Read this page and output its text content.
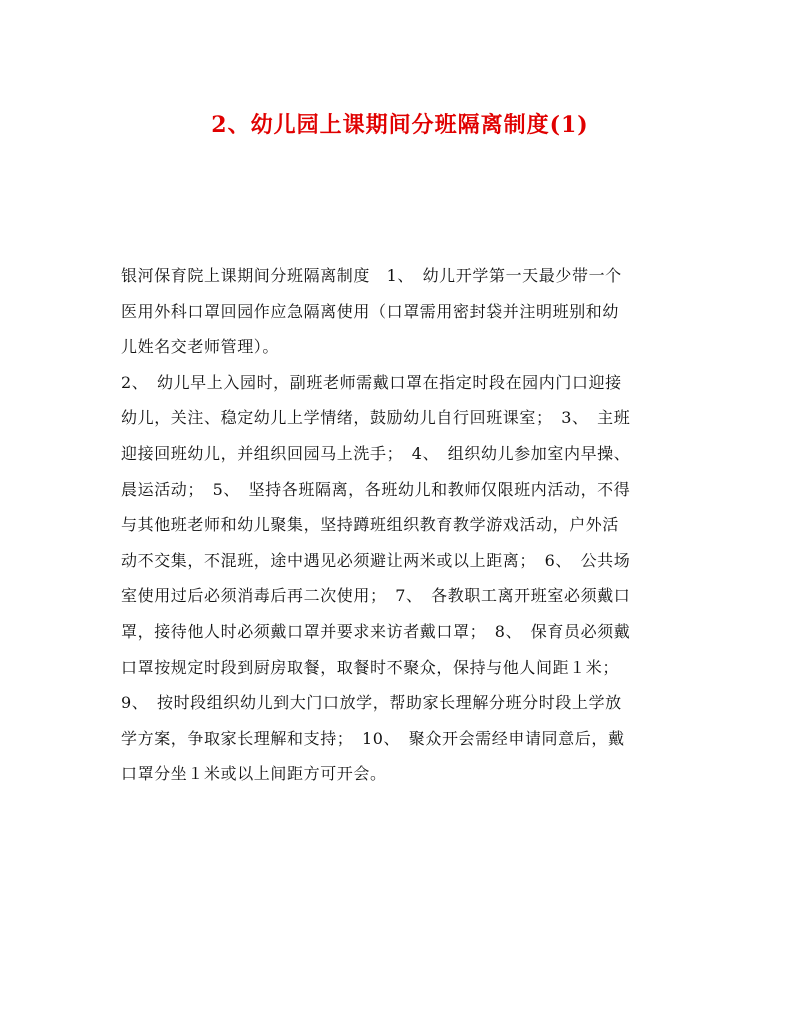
2、幼儿园上课期间分班隔离制度(1)
银河保育院上课期间分班隔离制度　1、　幼儿开学第一天最少带一个
医用外科口罩回园作应急隔离使用（口罩需用密封袋并注明班别和幼
儿姓名交老师管理）。
2、　幼儿早上入园时，副班老师需戴口罩在指定时段在园内门口迎接
幼儿，关注、稳定幼儿上学情绪，鼓励幼儿自行回班课室；　3、　主班
迎接回班幼儿，并组织回园马上洗手；　4、　组织幼儿参加室内早操、
晨运活动；　5、　坚持各班隔离，各班幼儿和教师仅限班内活动，不得
与其他班老师和幼儿聚集，坚持蹲班组织教育教学游戏活动，户外活
动不交集，不混班，途中遇见必须避让两米或以上距离；　6、　公共场
室使用过后必须消毒后再二次使用；　7、　各教职工离开班室必须戴口
罩，接待他人时必须戴口罩并要求来访者戴口罩；　8、　保育员必须戴
口罩按规定时段到厨房取餐，取餐时不聚众，保持与他人间距１米；
9、　按时段组织幼儿到大门口放学，帮助家长理解分班分时段上学放
学方案，争取家长理解和支持；　10、　聚众开会需经申请同意后，戴
口罩分坐１米或以上间距方可开会。
